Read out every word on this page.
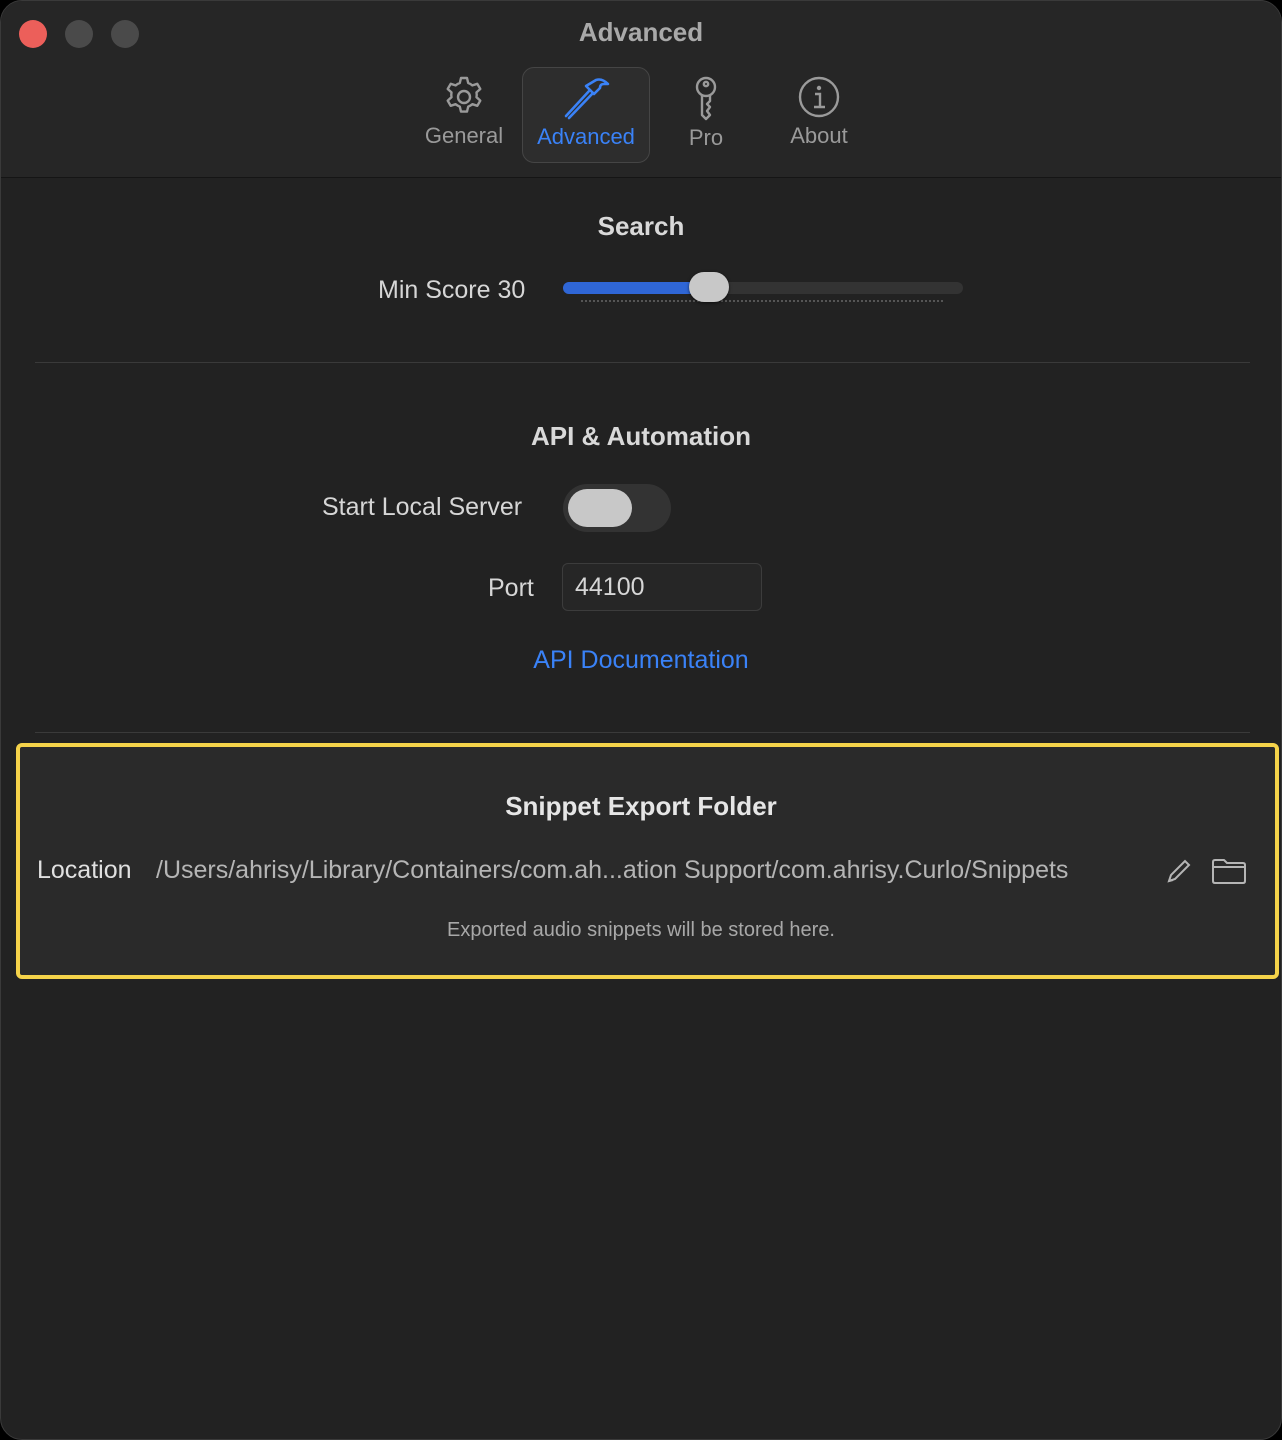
Advanced
General	Advanced	Pro	About
Search
Min Score 30
API & Automation
Start Local Server
Port
44100
API Documentation
Snippet Export Folder
Location /Users/ahrisy/Library/Containers/com.ah...ation Support/com.ahrisy.Curlo/Snippets
Exported audio snippets will be stored here.
